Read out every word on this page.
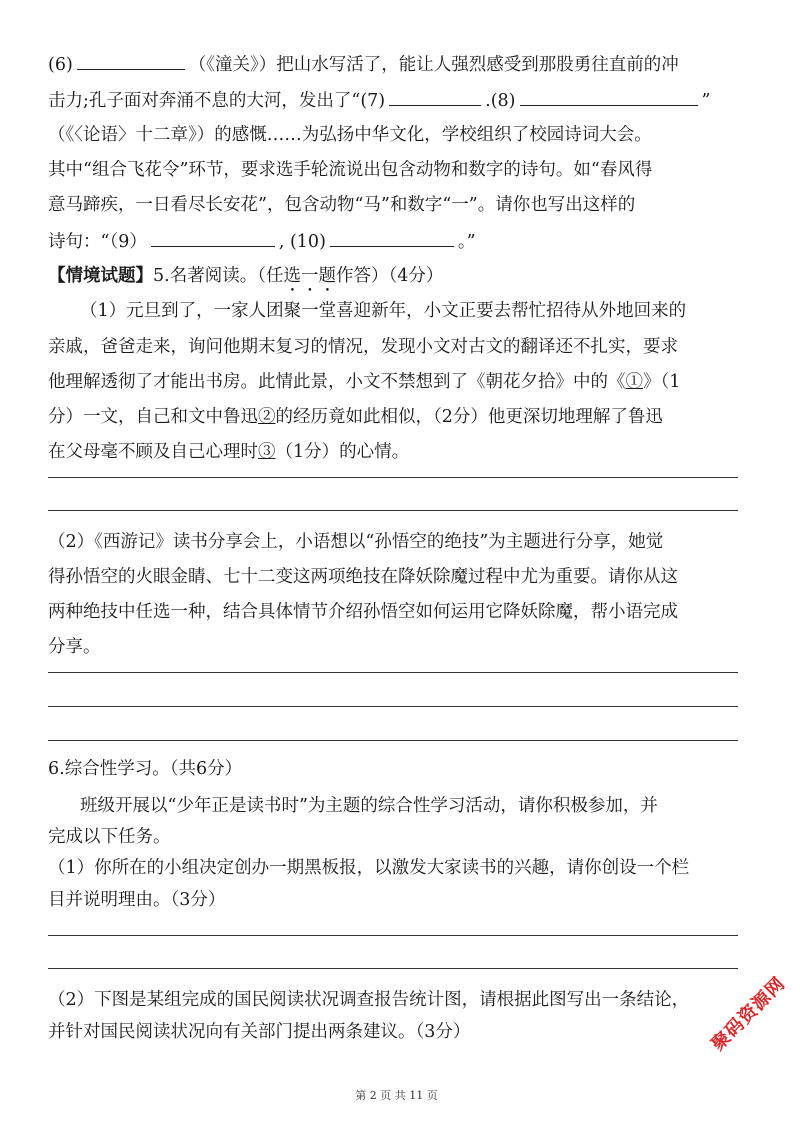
(6)	（《潼关》）把山水写活了，能让人强烈感受到那股勇往直前的冲
击力;孔子面对奔涌不息的大河，发出了“(7)	.(8)	”
（《〈论语〉十二章》）的感慨……为弘扬中华文化，学校组织了校园诗词大会。
其中“组合飞花令”环节，要求选手轮流说出包含动物和数字的诗句。如“春风得
意马蹄疾，一日看尽长安花”，包含动物“马”和数字“一”。请你也写出这样的
诗句：“（9）	, (10)	。”
【情境试题】5.名著阅读。（任选一题作答）（4分）
（1）元旦到了，一家人团聚一堂喜迎新年，小文正要去帮忙招待从外地回来的
亲戚，爸爸走来，询问他期末复习的情况，发现小文对古文的翻译还不扎实，要求
他理解透彻了才能出书房。此情此景，小文不禁想到了《朝花夕拾》中的《①》（1
分）一文，自己和文中鲁迅②的经历竟如此相似，（2分）他更深切地理解了鲁迅
在父母毫不顾及自己心理时③（1分）的心情。
（2）《西游记》读书分享会上，小语想以“孙悟空的绝技”为主题进行分享，她觉
得孙悟空的火眼金睛、七十二变这两项绝技在降妖除魔过程中尤为重要。请你从这
两种绝技中任选一种，结合具体情节介绍孙悟空如何运用它降妖除魔，帮小语完成
分享。
6.综合性学习。（共6分）
班级开展以“少年正是读书时”为主题的综合性学习活动，请你积极参加，并
完成以下任务。
（1）你所在的小组决定创办一期黑板报，以激发大家读书的兴趣，请你创设一个栏
目并说明理由。（3分）
（2）下图是某组完成的国民阅读状况调查报告统计图，请根据此图写出一条结论，
并针对国民阅读状况向有关部门提出两条建议。（3分）	聚码资源网
第 2 页 共 11 页
